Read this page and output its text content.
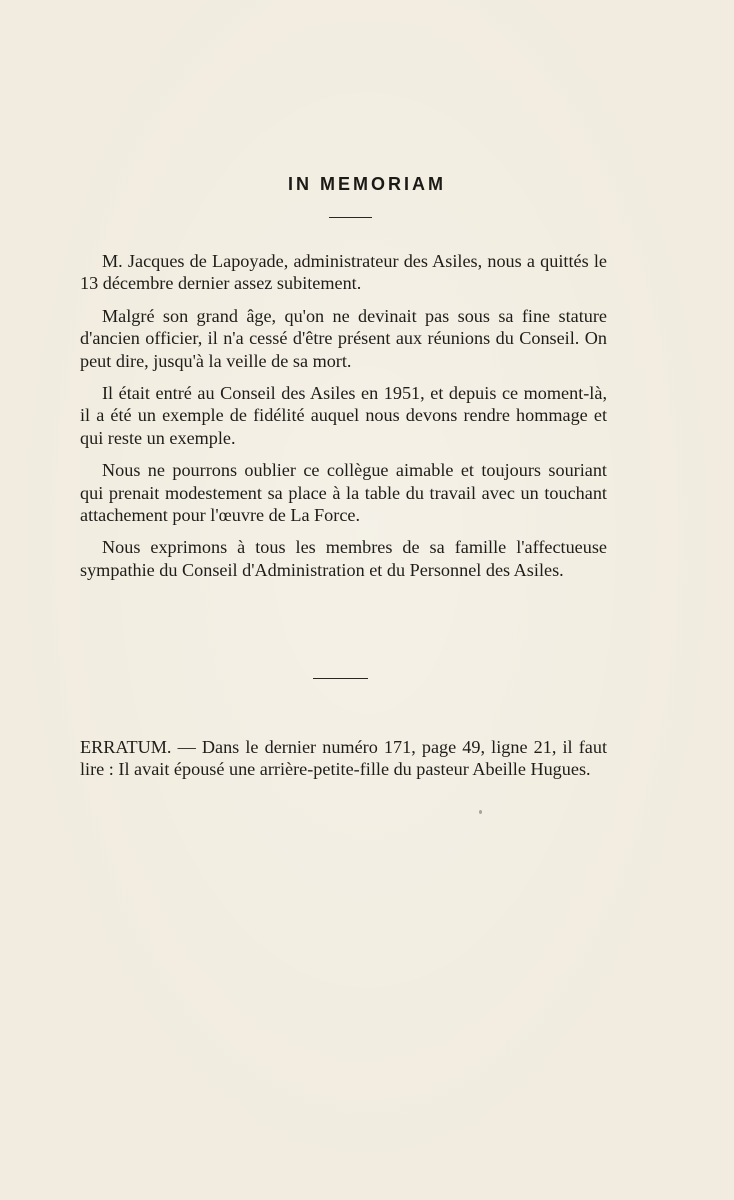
IN MEMORIAM

M. Jacques de Lapoyade, administrateur des Asiles, nous a quittés le 13 décembre dernier assez subitement.

Malgré son grand âge, qu'on ne devinait pas sous sa fine stature d'ancien officier, il n'a cessé d'être présent aux réunions du Conseil. On peut dire, jusqu'à la veille de sa mort.

Il était entré au Conseil des Asiles en 1951, et depuis ce moment-là, il a été un exemple de fidélité auquel nous devons rendre hommage et qui reste un exemple.

Nous ne pourrons oublier ce collègue aimable et toujours souriant qui prenait modestement sa place à la table du travail avec un touchant attachement pour l'œuvre de La Force.

Nous exprimons à tous les membres de sa famille l'affectueuse sympathie du Conseil d'Administration et du Personnel des Asiles.

ERRATUM. — Dans le dernier numéro 171, page 49, ligne 21, il faut lire : Il avait épousé une arrière-petite-fille du pasteur Abeille Hugues.
